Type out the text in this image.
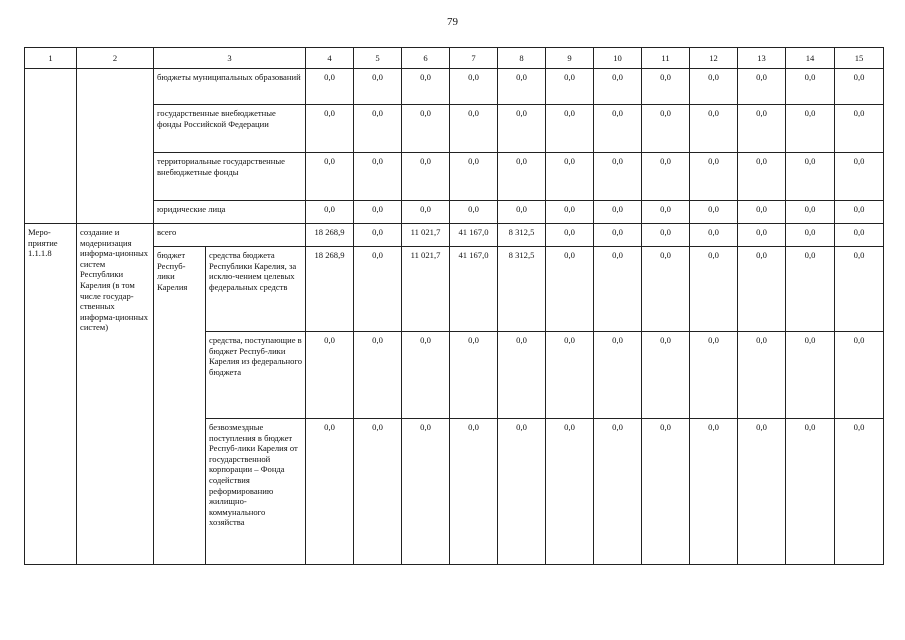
79
1	2	3		4	5	6	7	8	9	10	11	12	13	14	15
		бюджеты муниципальных образований		0,0	0,0	0,0	0,0	0,0	0,0	0,0	0,0	0,0	0,0	0,0	0,0
		государственные внебюджетные фонды Российской Федерации		0,0	0,0	0,0	0,0	0,0	0,0	0,0	0,0	0,0	0,0	0,0	0,0
		территориальные государственные внебюджетные фонды		0,0	0,0	0,0	0,0	0,0	0,0	0,0	0,0	0,0	0,0	0,0	0,0
		юридические лица		0,0	0,0	0,0	0,0	0,0	0,0	0,0	0,0	0,0	0,0	0,0	0,0
Меро-приятие 1.1.1.8	создание и модернизация информа-ционных систем Республики Карелия (в том числе государ-ственных информа-ционных систем)	всего		18 268,9	0,0	11 021,7	41 167,0	8 312,5	0,0	0,0	0,0	0,0	0,0	0,0	0,0
		бюджет Респуб-лики Карелия	средства бюджета Республики Карелия, за исклю-чением целевых федеральных средств	18 268,9	0,0	11 021,7	41 167,0	8 312,5	0,0	0,0	0,0	0,0	0,0	0,0	0,0
			средства, поступающие в бюджет Респуб-лики Карелия из федерального бюджета	0,0	0,0	0,0	0,0	0,0	0,0	0,0	0,0	0,0	0,0	0,0	0,0
			безвозмездные поступления в бюджет Респуб-лики Карелия от государственной корпорации – Фонда содействия реформированию жилищно-коммунального хозяйства	0,0	0,0	0,0	0,0	0,0	0,0	0,0	0,0	0,0	0,0	0,0	0,0
